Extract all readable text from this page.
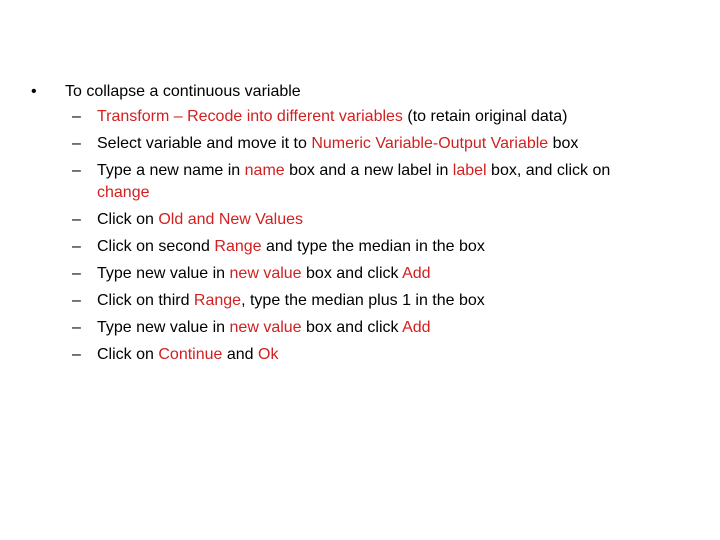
• To collapse a continuous variable
– Transform – Recode into different variables (to retain original data)
– Select variable and move it to Numeric Variable-Output Variable box
– Type a new name in name box and a new label in label box, and click on change
– Click on Old and New Values
– Click on second Range and type the median in the box
– Type new value in new value box and click Add
– Click on third Range, type the median plus 1 in the box
– Type new value in new value box and click Add
– Click on Continue and Ok
